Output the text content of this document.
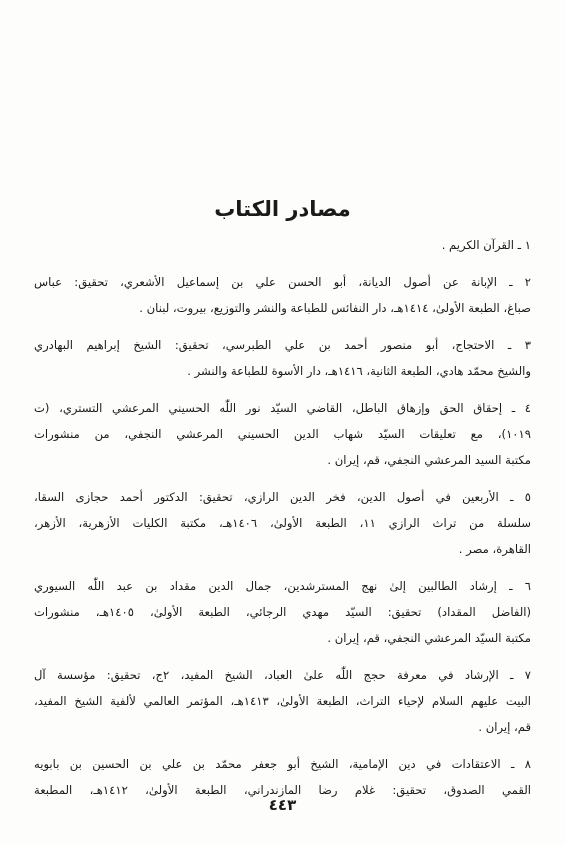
مصادر الكتاب
١ ـ القرآن الكريم .
٢ ـ الإبانة عن أصول الديانة، أبو الحسن علي بن إسماعيل الأشعري، تحقيق: عباس
صباغ، الطبعة الأولىٰ، ١٤١٤هـ، دار النفائس للطباعة والنشر والتوزيع، بيروت، لبنان .
٣ ـ الاحتجاج، أبو منصور أحمد بن علي الطبرسي، تحقيق: الشيخ إبراهيم البهادري
والشيخ محمّد هادي، الطبعة الثانية، ١٤١٦هـ، دار الأسوة للطباعة والنشر .
٤ ـ إحقاق الحق وإزهاق الباطل، القاضي السيّد نور اللّٰه الحسيني المرعشي التستري، (ت
١٠١٩)، مع تعليقات السيّد شهاب الدين الحسيني المرعشي النجفي، من منشورات
مكتبة السيد المرعشي النجفي، قم، إيران .
٥ ـ الأربعين في أصول الدين، فخر الدين الرازي، تحقيق: الدكتور أحمد حجازى السقا،
سلسلة من تراث الرازي ١١، الطبعة الأولىٰ، ١٤٠٦هـ، مكتبة الكليات الأزهرية، الأزهر،
القاهرة، مصر .
٦ ـ إرشاد الطالبين إلىٰ نهج المسترشدين، جمال الدين مقداد بن عبد اللّٰه السيوري
(الفاضل المقداد) تحقيق: السيّد مهدي الرجائي، الطبعة الأولىٰ، ١٤٠٥هـ، منشورات
مكتبة السيّد المرعشي النجفي، قم، إيران .
٧ ـ الإرشاد في معرفة حجج اللّٰه علىٰ العباد، الشيخ المفيد، ٢ج، تحقيق: مؤسسة آل
البيت عليهم السلام لإحياء التراث، الطبعة الأولىٰ، ١٤١٣هـ، المؤتمر العالمي لألفية الشيخ المفيد،
قم، إيران .
٨ ـ الاعتقادات في دين الإمامية، الشيخ أبو جعفر محمّد بن علي بن الحسين بن بابويه
القمي الصدوق، تحقيق: غلام رضا المازندراني، الطبعة الأولىٰ، ١٤١٢هـ، المطبعة
٤٤٣
